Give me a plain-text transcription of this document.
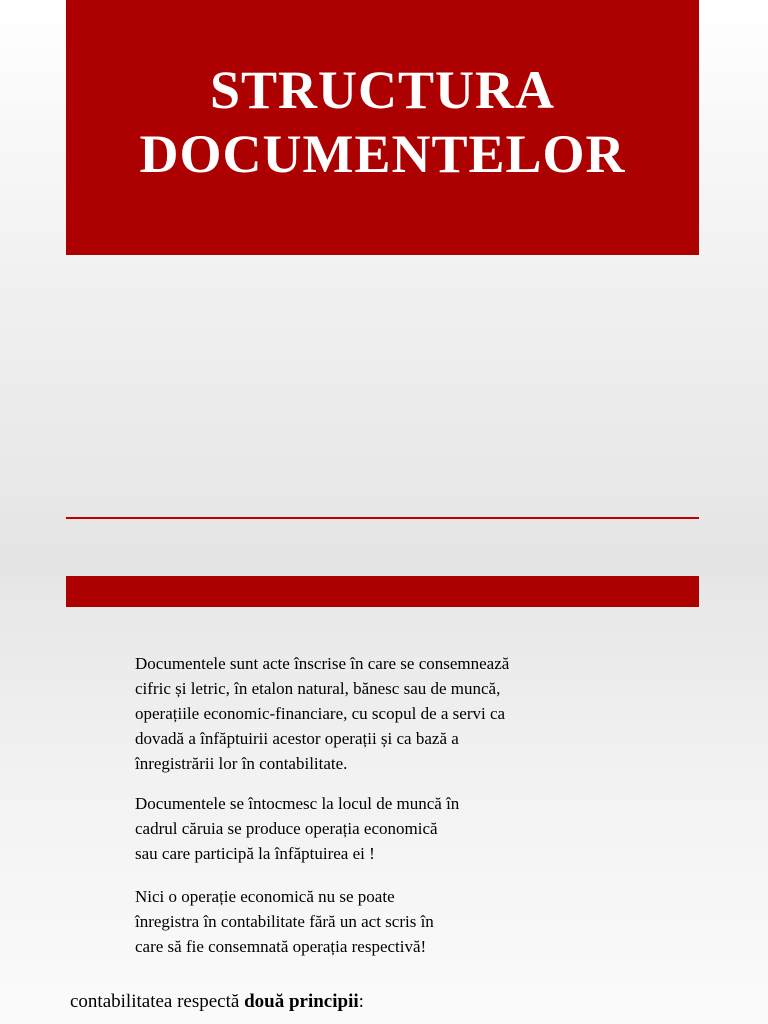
STRUCTURA
DOCUMENTELOR

Documentele sunt acte înscrise în care se consemnează
cifric și letric, în etalon natural, bănesc sau de muncă,
operațiile economic-financiare, cu scopul de a servi ca
dovadă a înfăptuirii acestor operații și ca bază a
înregistrării lor în contabilitate.

Documentele se întocmesc la locul de muncă în
cadrul căruia se produce operația economică
sau care participă la înfăptuirea ei !

Nici o operație economică nu se poate
înregistra în contabilitate fără un act scris în
care să fie consemnată operația respectivă!

contabilitatea respectă două principii:
